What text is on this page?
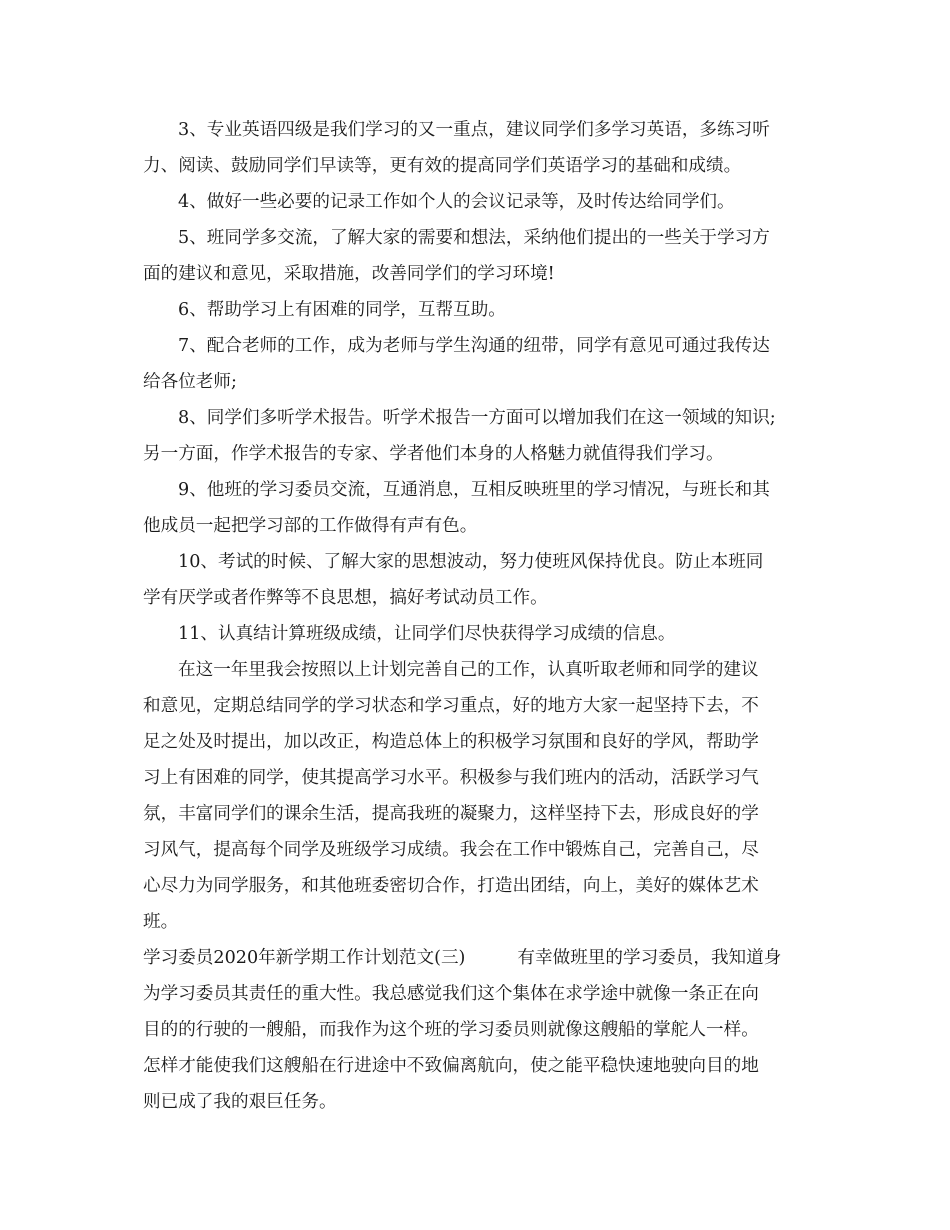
3、专业英语四级是我们学习的又一重点，建议同学们多学习英语，多练习听
力、阅读、鼓励同学们早读等，更有效的提高同学们英语学习的基础和成绩。
4、做好一些必要的记录工作如个人的会议记录等，及时传达给同学们。
5、班同学多交流，了解大家的需要和想法，采纳他们提出的一些关于学习方
面的建议和意见，采取措施，改善同学们的学习环境!
6、帮助学习上有困难的同学，互帮互助。
7、配合老师的工作，成为老师与学生沟通的纽带，同学有意见可通过我传达
给各位老师;
8、同学们多听学术报告。听学术报告一方面可以增加我们在这一领域的知识;
另一方面，作学术报告的专家、学者他们本身的人格魅力就值得我们学习。
9、他班的学习委员交流，互通消息，互相反映班里的学习情况，与班长和其
他成员一起把学习部的工作做得有声有色。
10、考试的时候、了解大家的思想波动，努力使班风保持优良。防止本班同
学有厌学或者作弊等不良思想，搞好考试动员工作。
11、认真结计算班级成绩，让同学们尽快获得学习成绩的信息。
在这一年里我会按照以上计划完善自己的工作，认真听取老师和同学的建议
和意见，定期总结同学的学习状态和学习重点，好的地方大家一起坚持下去，不
足之处及时提出，加以改正，构造总体上的积极学习氛围和良好的学风，帮助学
习上有困难的同学，使其提高学习水平。积极参与我们班内的活动，活跃学习气
氛，丰富同学们的课余生活，提高我班的凝聚力，这样坚持下去，形成良好的学
习风气，提高每个同学及班级学习成绩。我会在工作中锻炼自己，完善自己，尽
心尽力为同学服务，和其他班委密切合作，打造出团结，向上，美好的媒体艺术
班。
学习委员2020年新学期工作计划范文(三)	有幸做班里的学习委员，我知道身
为学习委员其责任的重大性。我总感觉我们这个集体在求学途中就像一条正在向
目的的行驶的一艘船，而我作为这个班的学习委员则就像这艘船的掌舵人一样。
怎样才能使我们这艘船在行进途中不致偏离航向，使之能平稳快速地驶向目的地
则已成了我的艰巨任务。
